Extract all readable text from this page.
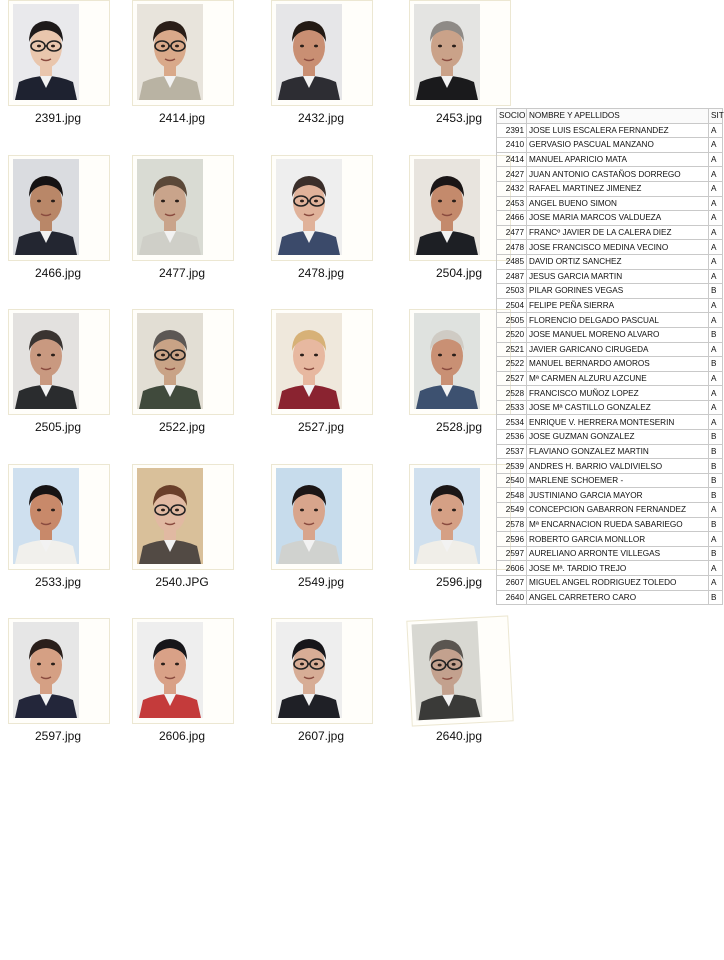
2391.jpg	2414.jpg	2432.jpg	2453.jpg
2466.jpg	2477.jpg	2478.jpg	2504.jpg
2505.jpg	2522.jpg	2527.jpg	2528.jpg
2533.jpg	2540.JPG	2549.jpg	2596.jpg
2597.jpg	2606.jpg	2607.jpg	2640.jpg
SOCIO	NOMBRE Y APELLIDOS	SIT
2391	JOSE LUIS ESCALERA FERNANDEZ	A
2410	GERVASIO PASCUAL MANZANO	A
2414	MANUEL APARICIO MATA	A
2427	JUAN ANTONIO CASTAÑOS DORREGO	A
2432	RAFAEL MARTINEZ JIMENEZ	A
2453	ANGEL BUENO SIMON	A
2466	JOSE MARIA MARCOS VALDUEZA	A
2477	FRANCº JAVIER DE LA CALERA DIEZ	A
2478	JOSE FRANCISCO MEDINA VECINO	A
2485	DAVID ORTIZ SANCHEZ	A
2487	JESUS GARCIA MARTIN	A
2503	PILAR GORINES VEGAS	B
2504	FELIPE PEÑA SIERRA	A
2505	FLORENCIO DELGADO PASCUAL	A
2520	JOSE MANUEL MORENO ALVARO	B
2521	JAVIER GARICANO CIRUGEDA	A
2522	MANUEL BERNARDO AMOROS	B
2527	Mª CARMEN ALZURU AZCUNE	A
2528	FRANCISCO MUÑOZ LOPEZ	A
2533	JOSE Mª CASTILLO GONZALEZ	A
2534	ENRIQUE V. HERRERA MONTESERIN	A
2536	JOSE GUZMAN GONZALEZ	B
2537	FLAVIANO GONZALEZ MARTIN	B
2539	ANDRES H. BARRIO VALDIVIELSO	B
2540	MARLENE SCHOEMER -	B
2548	JUSTINIANO GARCIA MAYOR	B
2549	CONCEPCION GABARRON FERNANDEZ	A
2578	Mª ENCARNACION RUEDA SABARIEGO	B
2596	ROBERTO GARCIA MONLLOR	A
2597	AURELIANO ARRONTE VILLEGAS	B
2606	JOSE Mª. TARDIO TREJO	A
2607	MIGUEL ANGEL RODRIGUEZ TOLEDO	A
2640	ANGEL CARRETERO CARO	B
